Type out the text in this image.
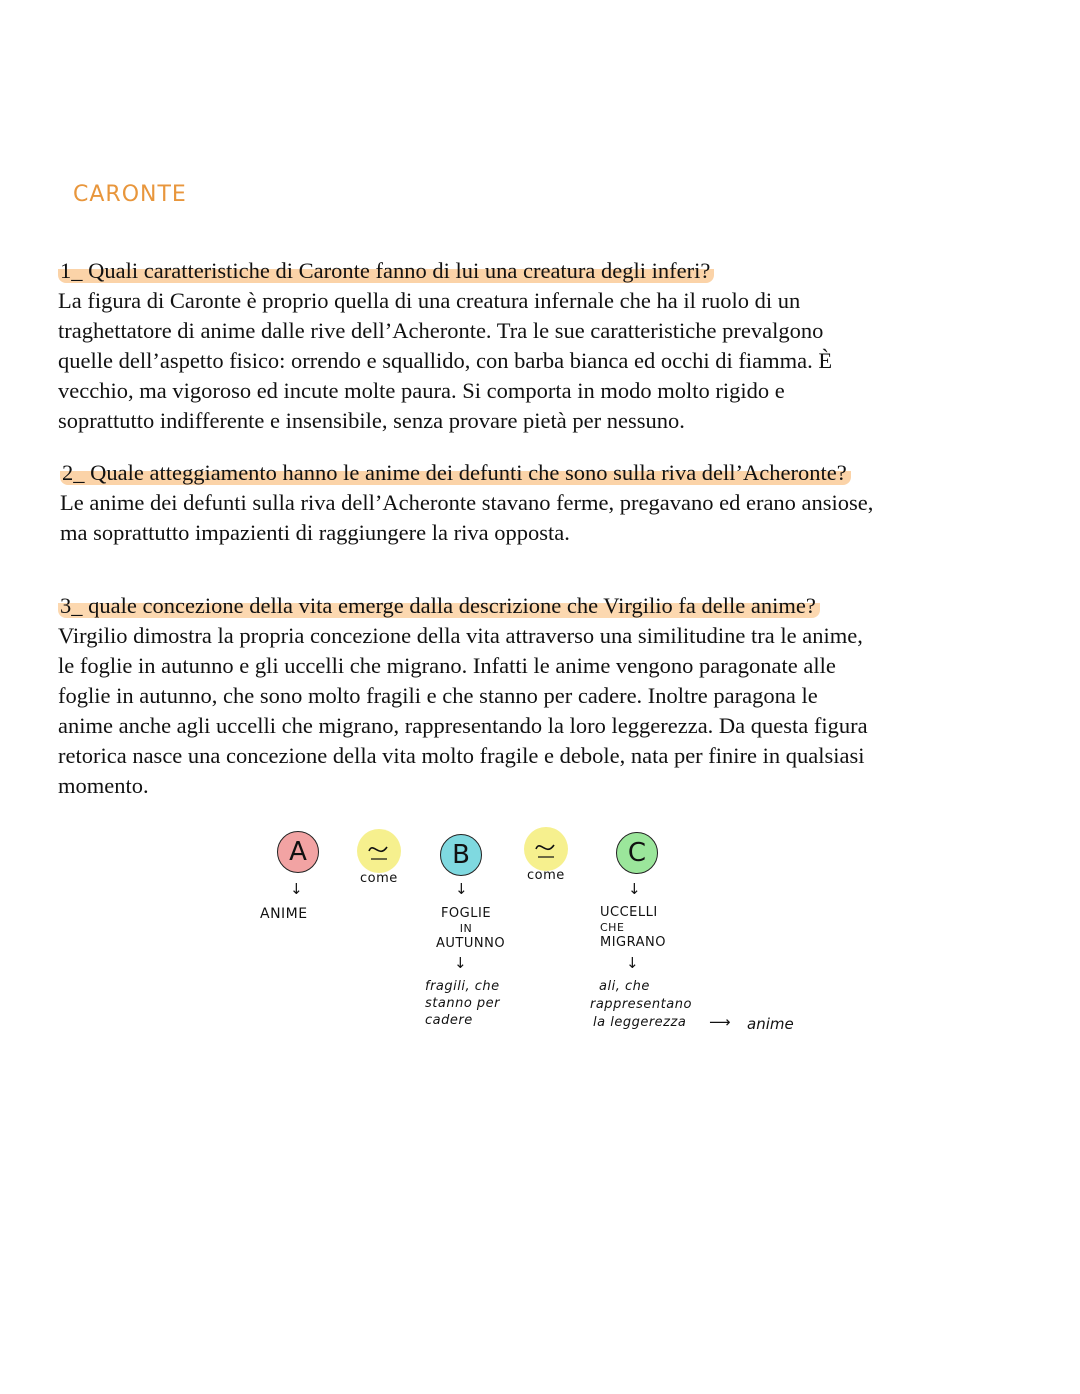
CARONTE
1_ Quali caratteristiche di Caronte fanno di lui una creatura degli inferi?
La figura di Caronte è proprio quella di una creatura infernale che ha il ruolo di un
traghettatore di anime dalle rive dell’Acheronte. Tra le sue caratteristiche prevalgono
quelle dell’aspetto fisico: orrendo e squallido, con barba bianca ed occhi di fiamma. È
vecchio, ma vigoroso ed incute molte paura. Si comporta in modo molto rigido e
soprattutto indifferente e insensibile, senza provare pietà per nessuno.
2_ Quale atteggiamento hanno le anime dei defunti che sono sulla riva dell’Acheronte?
Le anime dei defunti sulla riva dell’Acheronte stavano ferme, pregavano ed erano ansiose,
ma soprattutto impazienti di raggiungere la riva opposta.
3_ quale concezione della vita emerge dalla descrizione che Virgilio fa delle anime?
Virgilio dimostra la propria concezione della vita attraverso una similitudine tra le anime,
le foglie in autunno e gli uccelli che migrano. Infatti le anime vengono paragonate alle
foglie in autunno, che sono molto fragili e che stanno per cadere. Inoltre paragona le
anime anche agli uccelli che migrano, rappresentando la loro leggerezza. Da questa figura
retorica nasce una concezione della vita molto fragile e debole, nata per finire in qualsiasi
momento.
A
↓
ANIME
come
B
↓
FOGLIE
IN
AUTUNNO
↓
fragili, che
stanno per
cadere
come
C
↓
UCCELLI
CHE
MIGRANO
↓
ali, che
rappresentano
la leggerezza	⟶ anime
